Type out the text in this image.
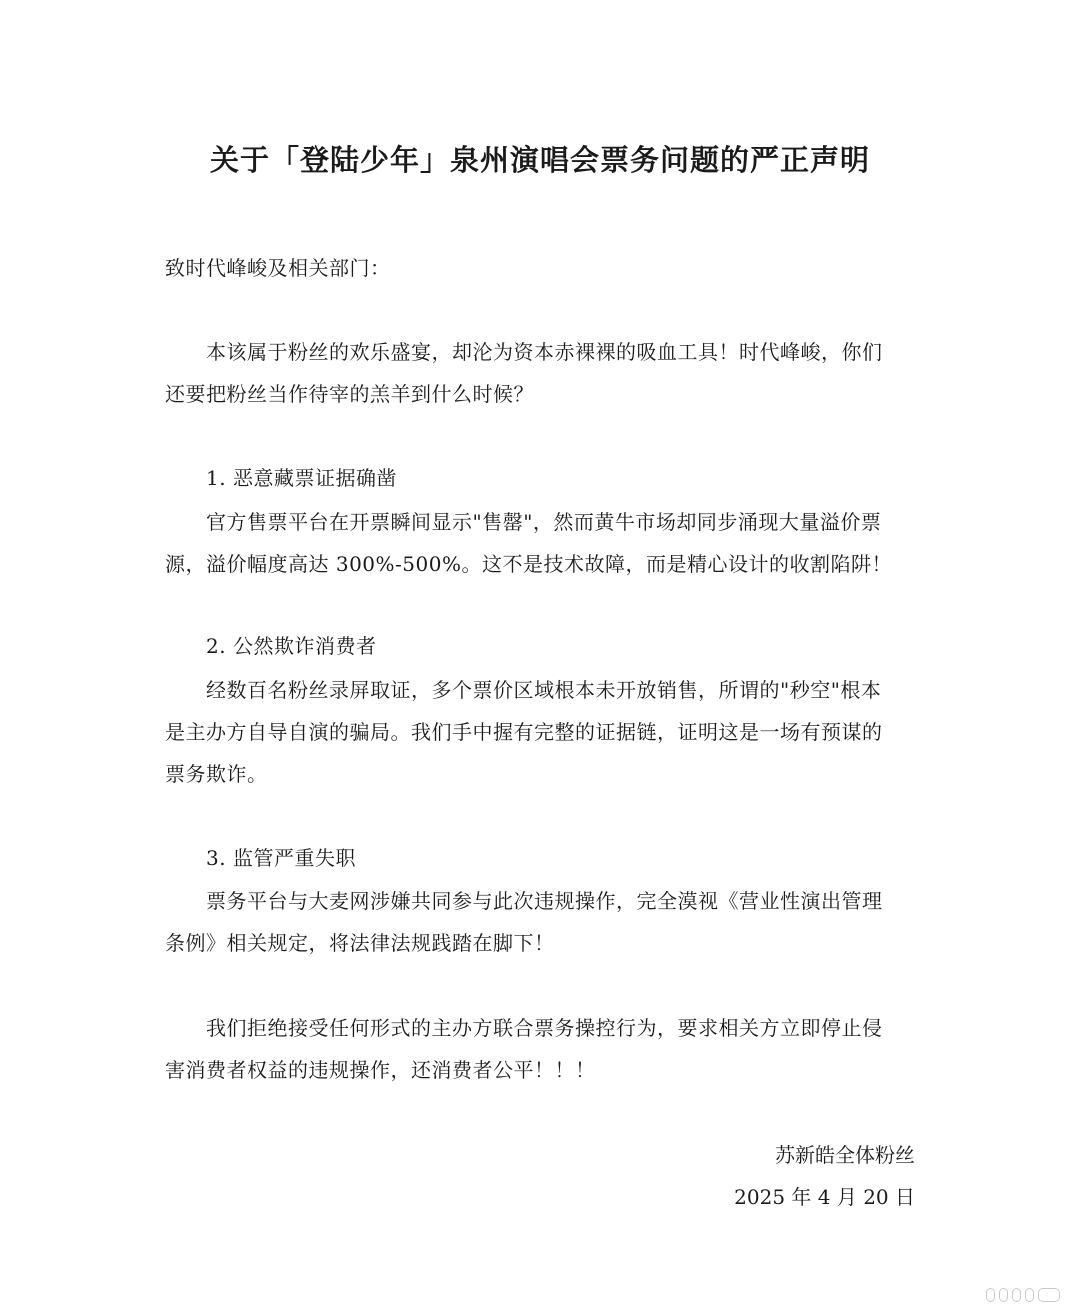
关于「登陆少年」泉州演唱会票务问题的严正声明
致时代峰峻及相关部门：
本该属于粉丝的欢乐盛宴，却沦为资本赤裸裸的吸血工具！时代峰峻，你们
还要把粉丝当作待宰的羔羊到什么时候？
1. 恶意藏票证据确凿
官方售票平台在开票瞬间显示"售罄"，然而黄牛市场却同步涌现大量溢价票
源，溢价幅度高达 300%-500%。这不是技术故障，而是精心设计的收割陷阱！
2. 公然欺诈消费者
经数百名粉丝录屏取证，多个票价区域根本未开放销售，所谓的"秒空"根本
是主办方自导自演的骗局。我们手中握有完整的证据链，证明这是一场有预谋的
票务欺诈。
3. 监管严重失职
票务平台与大麦网涉嫌共同参与此次违规操作，完全漠视《营业性演出管理
条例》相关规定，将法律法规践踏在脚下！
我们拒绝接受任何形式的主办方联合票务操控行为，要求相关方立即停止侵
害消费者权益的违规操作，还消费者公平！！！
苏新皓全体粉丝
2025 年 4 月 20 日
